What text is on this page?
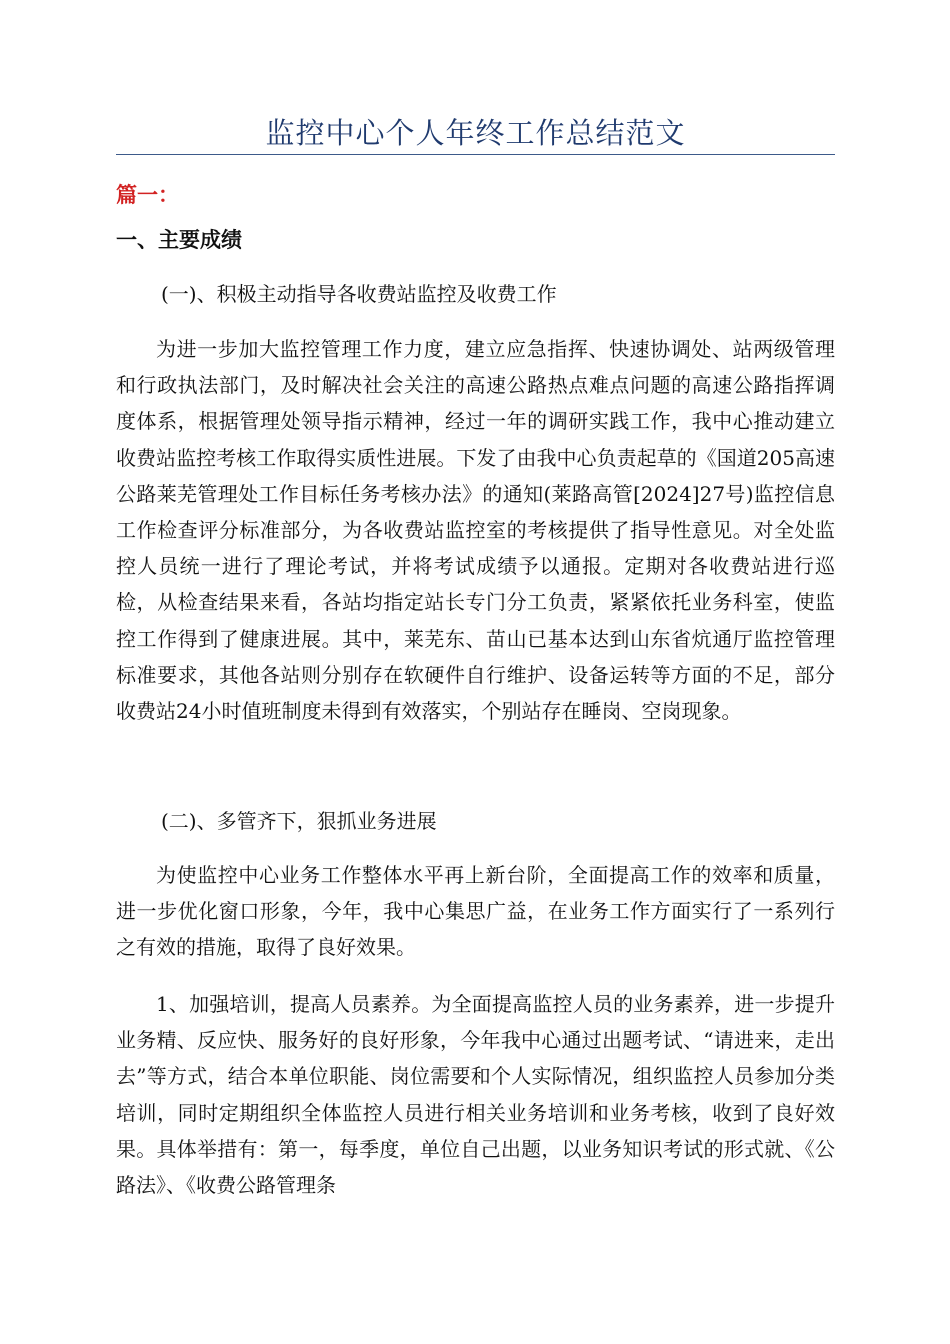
监控中心个人年终工作总结范文
篇一：
一、主要成绩
(一)、积极主动指导各收费站监控及收费工作

为进一步加大监控管理工作力度，建立应急指挥、快速协调处、站两级管理和行政执法部门，及时解决社会关注的高速公路热点难点问题的高速公路指挥调度体系，根据管理处领导指示精神，经过一年的调研实践工作，我中心推动建立收费站监控考核工作取得实质性进展。下发了由我中心负责起草的《国道205高速公路莱芜管理处工作目标任务考核办法》的通知(莱路高管[2024]27号)监控信息工作检查评分标准部分，为各收费站监控室的考核提供了指导性意见。对全处监控人员统一进行了理论考试，并将考试成绩予以通报。定期对各收费站进行巡检，从检查结果来看，各站均指定站长专门分工负责，紧紧依托业务科室，使监控工作得到了健康进展。其中，莱芜东、苗山已基本达到山东省炕通厅监控管理标准要求，其他各站则分别存在软硬件自行维护、设备运转等方面的不足，部分收费站24小时值班制度未得到有效落实，个别站存在睡岗、空岗现象。

(二)、多管齐下，狠抓业务进展

为使监控中心业务工作整体水平再上新台阶，全面提高工作的效率和质量，进一步优化窗口形象，今年，我中心集思广益，在业务工作方面实行了一系列行之有效的措施，取得了良好效果。

1、加强培训，提高人员素养。为全面提高监控人员的业务素养，进一步提升业务精、反应快、服务好的良好形象，今年我中心通过出题考试、“请进来，走出去”等方式，结合本单位职能、岗位需要和个人实际情况，组织监控人员参加分类培训，同时定期组织全体监控人员进行相关业务培训和业务考核，收到了良好效果。具体举措有：第一，每季度，单位自己出题，以业务知识考试的形式就、《公路法》、《收费公路管理条
